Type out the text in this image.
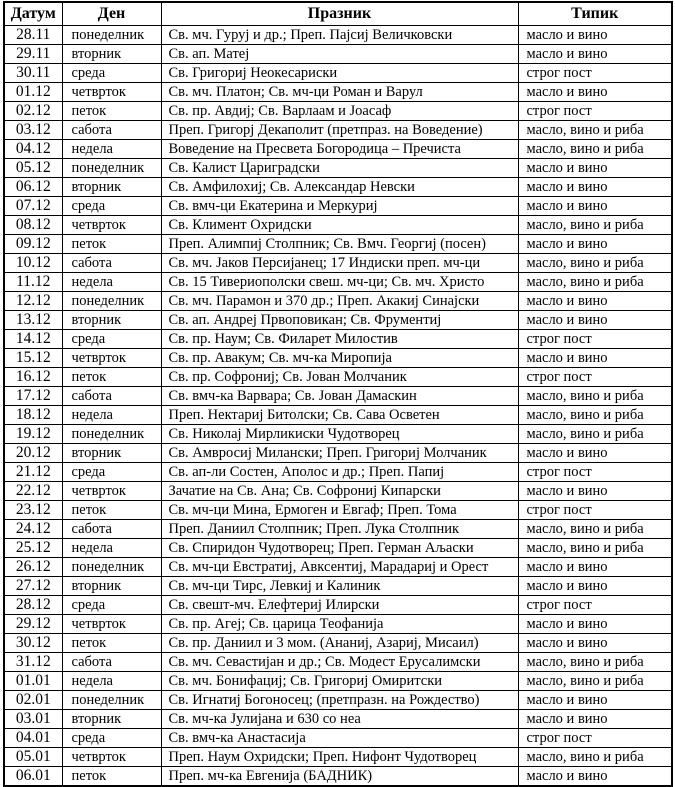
Датум	Ден	Празник	Типик
28.11	понеделник	Св. мч. Гуруј и др.; Преп. Пајсиј Величковски	масло и вино
29.11	вторник	Св. ап. Матеј	масло и вино
30.11	среда	Св. Григориј Неокесариски	строг пост
01.12	четврток	Св. мч. Платон; Св. мч-ци Роман и Варул	масло и вино
02.12	петок	Св. пр. Авдиј; Св. Варлаам и Јоасаф	строг пост
03.12	сабота	Преп. Григорј Декаполит (претпраз. на Воведение)	масло, вино и риба
04.12	недела	Воведение на Пресвета Богородица – Пречиста	масло, вино и риба
05.12	понеделник	Св. Калист Цариградски	масло и вино
06.12	вторник	Св. Амфилохиј; Св. Александар Невски	масло и вино
07.12	среда	Св. вмч-ци Екатерина и Меркуриј	масло и вино
08.12	четврток	Св. Климент Охридски	масло, вино и риба
09.12	петок	Преп. Алимпиј Столпник; Св. Вмч. Георгиј (посен)	масло и вино
10.12	сабота	Св. мч. Јаков Персијанец; 17 Индиски преп. мч-ци	масло, вино и риба
11.12	недела	Св. 15 Тивериополски свеш. мч-ци; Св. мч. Христо	масло, вино и риба
12.12	понеделник	Св. мч. Парамон и 370 др.; Преп. Акакиј Синајски	масло и вино
13.12	вторник	Св. ап. Андреј Првоповикан; Св. Фрументиј	масло и вино
14.12	среда	Св. пр. Наум; Св. Филарет Милостив	строг пост
15.12	четврток	Св. пр. Авакум; Св. мч-ка Миропија	масло и вино
16.12	петок	Св. пр. Софрониј; Св. Јован Молчаник	строг пост
17.12	сабота	Св. вмч-ка Варвара; Св. Јован Дамаскин	масло, вино и риба
18.12	недела	Преп. Нектариј Битолски; Св. Сава Осветен	масло, вино и риба
19.12	понеделник	Св. Николај Мирликиски Чудотворец	масло, вино и риба
20.12	вторник	Св. Амвросиј Милански; Преп. Григориј Молчаник	масло и вино
21.12	среда	Св. ап-ли Состен, Аполос и др.; Преп. Папиј	строг пост
22.12	четврток	Зачатие на Св. Ана; Св. Софрониј Кипарски	масло и вино
23.12	петок	Св. мч-ци Мина, Ермоген и Евгаф; Преп. Тома	строг пост
24.12	сабота	Преп. Даниил Столпник; Преп. Лука Столпник	масло, вино и риба
25.12	недела	Св. Спиридон Чудотворец; Преп. Герман Аљаски	масло, вино и риба
26.12	понеделник	Св. мч-ци Евстратиј, Авксентиј, Марадариј и Орест	масло и вино
27.12	вторник	Св. мч-ци Тирс, Левкиј и Калиник	масло и вино
28.12	среда	Св. свешт-мч. Елефтериј Илирски	строг пост
29.12	четврток	Св. пр. Агеј; Св. царица Теофанија	масло и вино
30.12	петок	Св. пр. Даниил и 3 мом. (Ананиј, Азариј, Мисаил)	масло и вино
31.12	сабота	Св. мч. Севастијан и др.; Св. Модест Ерусалимски	масло, вино и риба
01.01	недела	Св. мч. Бонифациј; Св. Григориј Омиритски	масло, вино и риба
02.01	понеделник	Св. Игнатиј Богоносец; (претпразн. на Рождество)	масло и вино
03.01	вторник	Св. мч-ка Јулијана и 630 со неа	масло и вино
04.01	среда	Св. вмч-ка Анастасија	строг пост
05.01	четврток	Преп. Наум Охридски; Преп. Нифонт Чудотворец	масло, вино и риба
06.01	петок	Преп. мч-ка Евгенија (БАДНИК)	масло и вино
